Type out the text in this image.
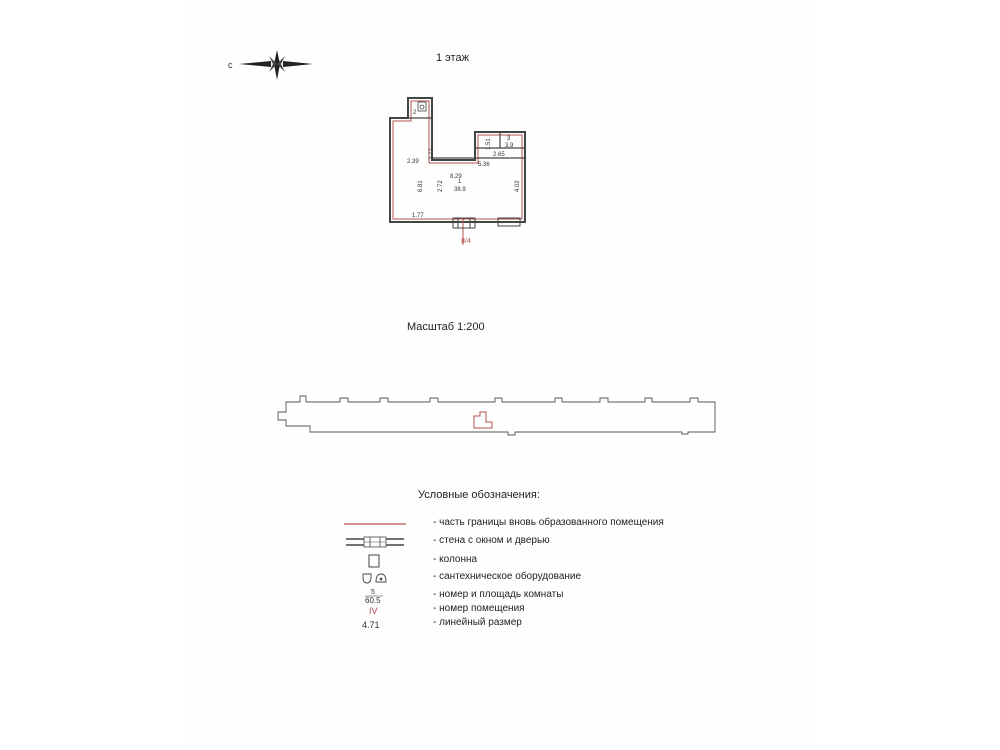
с
1 этаж
2
3
3.9
1
38.9
8.29
5.36
2.39
2.65
1.77
2.77
6.81 2.72	4.02
1.51
II/4
Масштаб 1:200
Условные обозначения:
- часть границы вновь образованного помещения
- стена с окном и дверью
- колонна
- сантехническое оборудование
5
60.5
- номер и площадь комнаты
IV	- номер помещения
4.71	- линейный размер
